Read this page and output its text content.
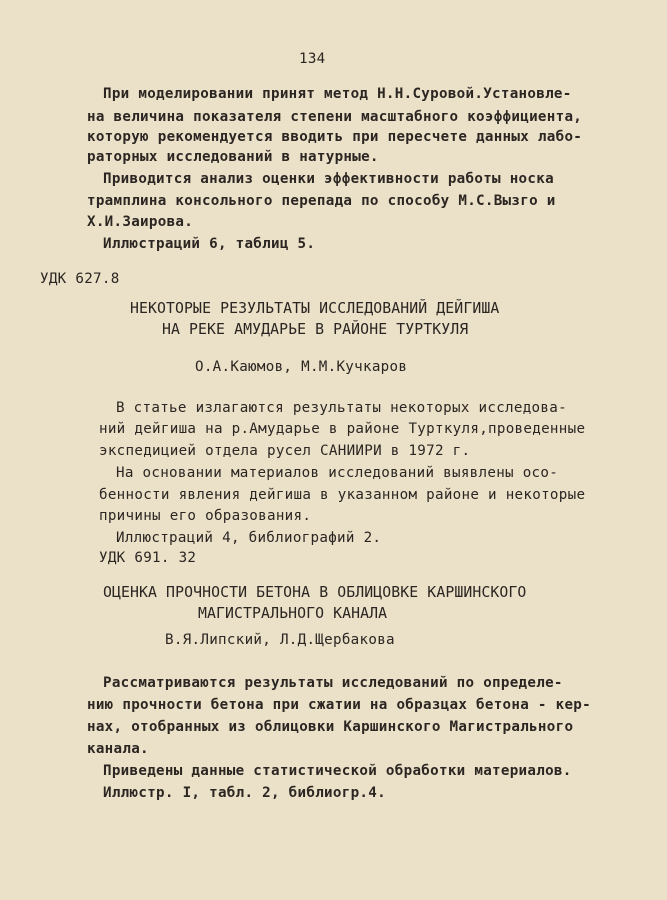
134
При моделировании принят метод Н.Н.Суровой.Установле-
на величина показателя степени масштабного коэффициента,
которую рекомендуется вводить при пересчете данных лабо-
раторных исследований в натурные.
Приводится анализ оценки эффективности работы носка
трамплина консольного перепада по способу М.С.Вызго и
Х.И.Заирова.
Иллюстраций 6, таблиц 5.
УДК 627.8
НЕКОТОРЫЕ РЕЗУЛЬТАТЫ ИССЛЕДОВАНИЙ ДЕЙГИША
НА РЕКЕ АМУДАРЬЕ В РАЙОНЕ ТУРТКУЛЯ
О.А.Каюмов, М.М.Кучкаров
В статье излагаются результаты некоторых исследова-
ний дейгиша на р.Амударье в районе Турткуля,проведенные
экспедицией отдела русел САНИИРИ в 1972 г.
На основании материалов исследований выявлены осо-
бенности явления дейгиша в указанном районе и некоторые
причины его образования.
Иллюстраций 4, библиографий 2.
УДК 691. 32
ОЦЕНКА ПРОЧНОСТИ БЕТОНА В ОБЛИЦОВКЕ КАРШИНСКОГО
МАГИСТРАЛЬНОГО КАНАЛА
В.Я.Липский, Л.Д.Щербакова
Рассматриваются результаты исследований по определе-
нию прочности бетона при сжатии на образцах бетона - кер-
нах, отобранных из облицовки Каршинского Магистрального
канала.
Приведены данные статистической обработки материалов.
Иллюстр. I, табл. 2, библиогр.4.
